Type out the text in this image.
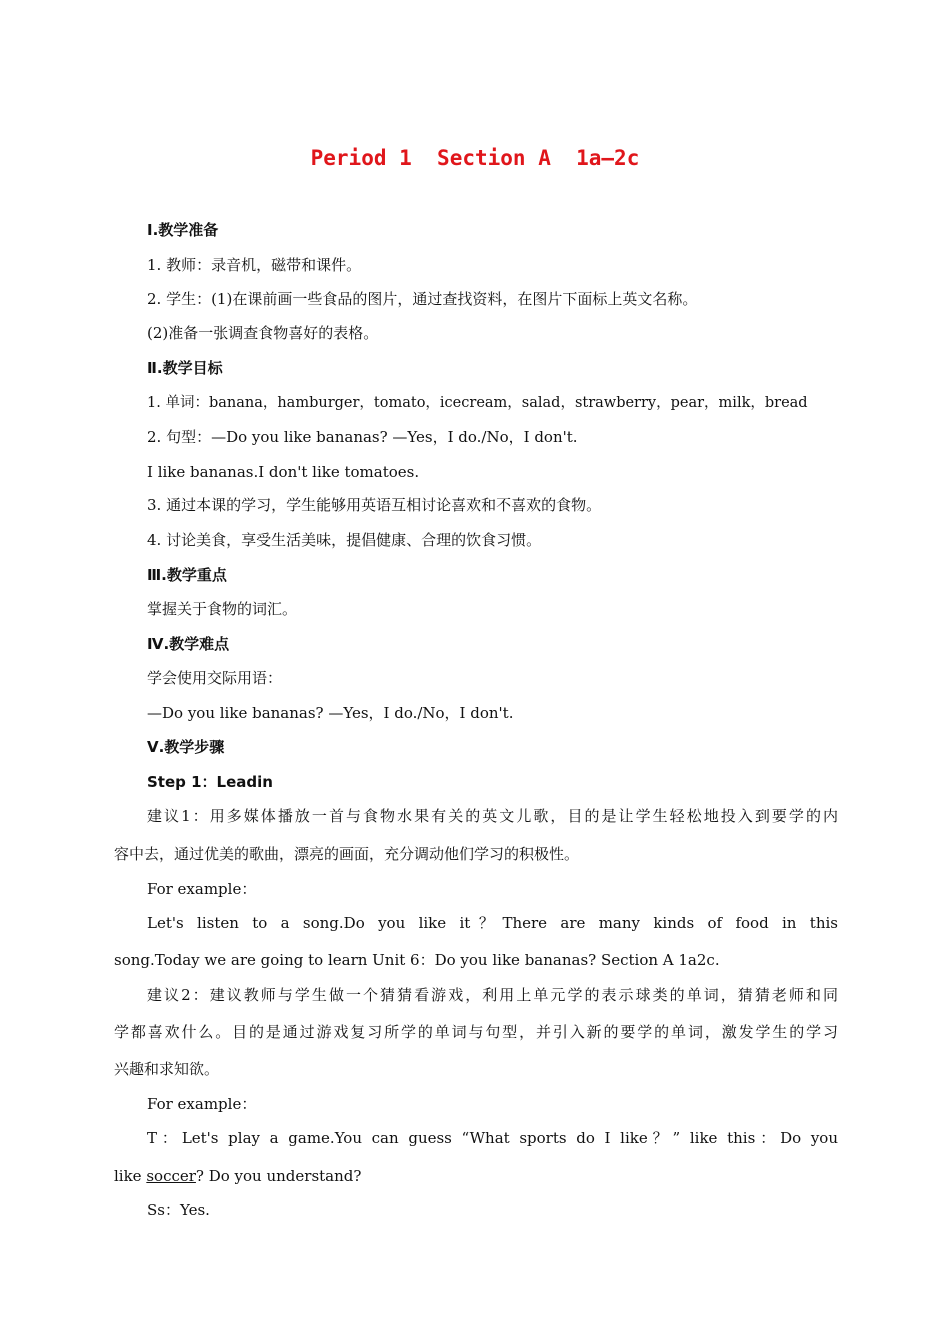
Period 1  Section A  1a—2c
Ⅰ.教学准备
1. 教师：录音机，磁带和课件。
2. 学生：(1)在课前画一些食品的图片，通过查找资料，在图片下面标上英文名称。
(2)准备一张调查食物喜好的表格。
Ⅱ.教学目标
1. 单词：banana，hamburger，tomato，icecream，salad，strawberry，pear，milk，bread
2. 句型：—Do you like bananas? —Yes，I do./No，I don't.
I like bananas.I don't like tomatoes.
3. 通过本课的学习，学生能够用英语互相讨论喜欢和不喜欢的食物。
4. 讨论美食，享受生活美味，提倡健康、合理的饮食习惯。
Ⅲ.教学重点
掌握关于食物的词汇。
Ⅳ.教学难点
学会使用交际用语：
—Do you like bananas? —Yes，I do./No，I don't.
Ⅴ.教学步骤
Step 1：Leadin
建议1：用多媒体播放一首与食物水果有关的英文儿歌，目的是让学生轻松地投入到要学的内
容中去，通过优美的歌曲，漂亮的画面，充分调动他们学习的积极性。
For example：
Let's listen to a song.Do you like it？There are many kinds of food in this
song.Today we are going to learn Unit 6：Do you like bananas? Section A 1a2c.
建议2：建议教师与学生做一个猜猜看游戏，利用上单元学的表示球类的单词，猜猜老师和同
学都喜欢什么。目的是通过游戏复习所学的单词与句型，并引入新的要学的单词，激发学生的学习
兴趣和求知欲。
For example：
T：Let's play a game.You can guess “What sports do I like？” like this：Do you
like soccer? Do you understand?
Ss：Yes.
